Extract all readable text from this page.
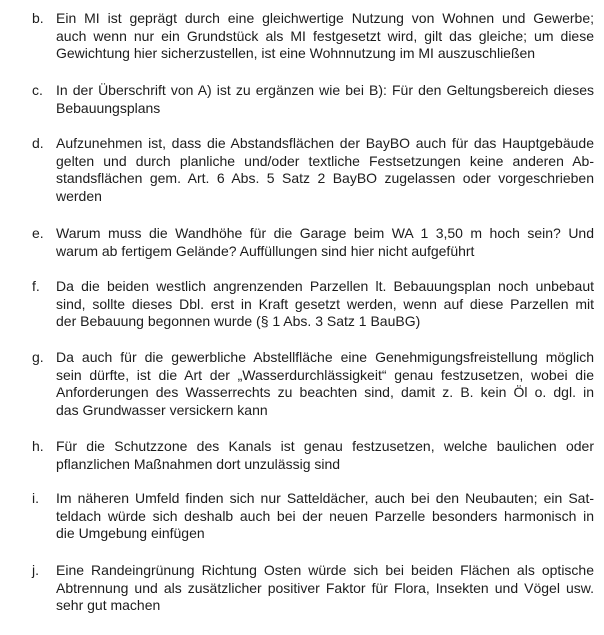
b. Ein MI ist geprägt durch eine gleichwertige Nutzung von Wohnen und Gewerbe;
auch wenn nur ein Grundstück als MI festgesetzt wird, gilt das gleiche; um diese
Gewichtung hier sicherzustellen, ist eine Wohnnutzung im MI auszuschließen
c. In der Überschrift von A) ist zu ergänzen wie bei B): Für den Geltungsbereich dieses
Bebauungsplans
d. Aufzunehmen ist, dass die Abstandsflächen der BayBO auch für das Hauptgebäude
gelten und durch planliche und/oder textliche Festsetzungen keine anderen Ab-
standsflächen gem. Art. 6 Abs. 5 Satz 2 BayBO zugelassen oder vorgeschrieben
werden
e. Warum muss die Wandhöhe für die Garage beim WA 1 3,50 m hoch sein? Und
warum ab fertigem Gelände? Auffüllungen sind hier nicht aufgeführt
f. Da die beiden westlich angrenzenden Parzellen lt. Bebauungsplan noch unbebaut
sind, sollte dieses Dbl. erst in Kraft gesetzt werden, wenn auf diese Parzellen mit
der Bebauung begonnen wurde (§ 1 Abs. 3 Satz 1 BauBG)
g. Da auch für die gewerbliche Abstellfläche eine Genehmigungsfreistellung möglich
sein dürfte, ist die Art der „Wasserdurchlässigkeit“ genau festzusetzen, wobei die
Anforderungen des Wasserrechts zu beachten sind, damit z. B. kein Öl o. dgl. in
das Grundwasser versickern kann
h. Für die Schutzzone des Kanals ist genau festzusetzen, welche baulichen oder
pflanzlichen Maßnahmen dort unzulässig sind
i. Im näheren Umfeld finden sich nur Satteldächer, auch bei den Neubauten; ein Sat-
teldach würde sich deshalb auch bei der neuen Parzelle besonders harmonisch in
die Umgebung einfügen
j. Eine Randeingrünung Richtung Osten würde sich bei beiden Flächen als optische
Abtrennung und als zusätzlicher positiver Faktor für Flora, Insekten und Vögel usw.
sehr gut machen
